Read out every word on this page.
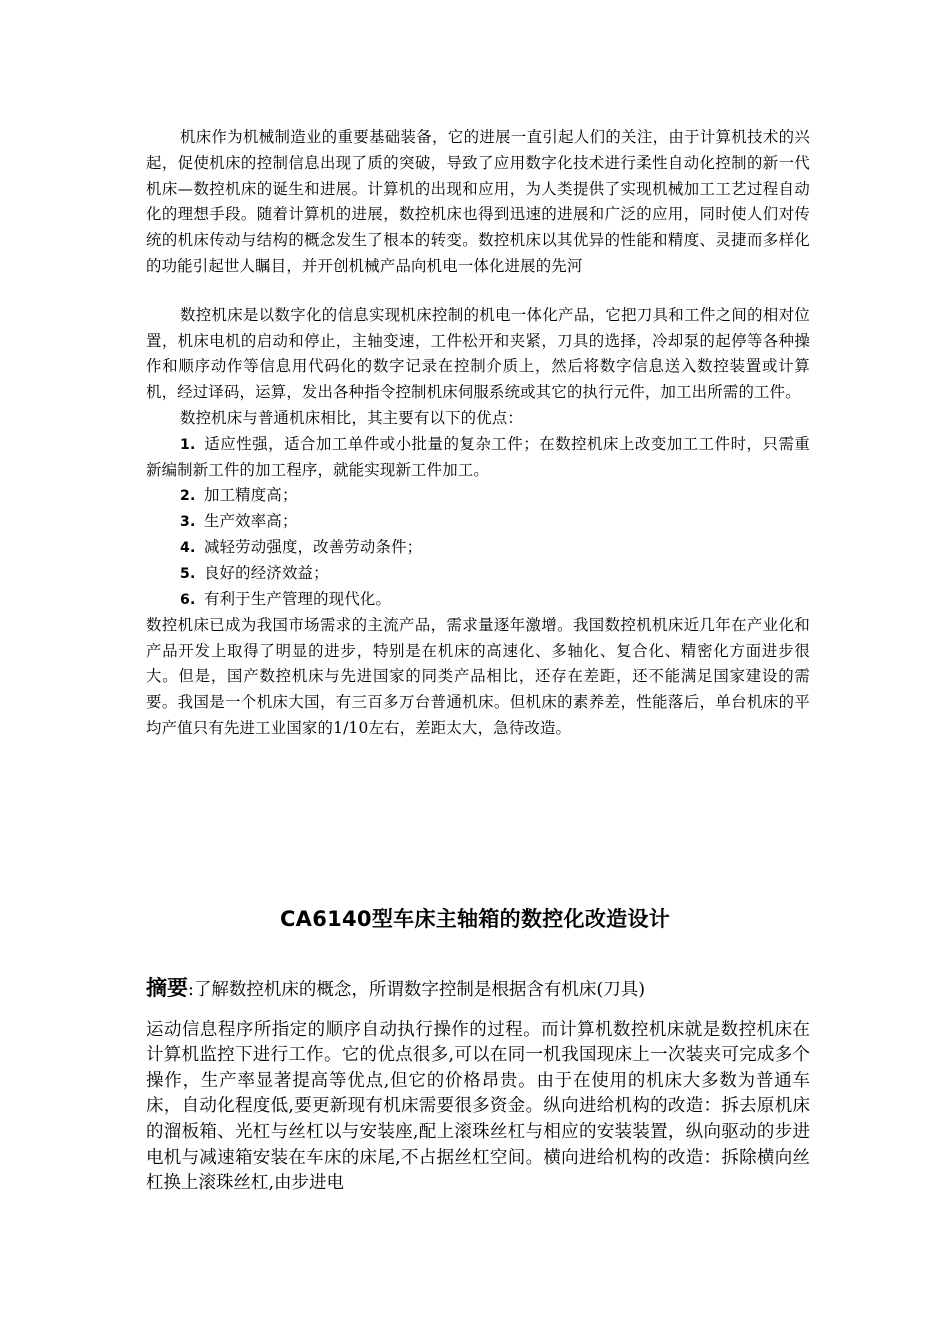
机床作为机械制造业的重要基础装备，它的进展一直引起人们的关注，由于计算机技术的兴起，促使机床的控制信息出现了质的突破，导致了应用数字化技术进行柔性自动化控制的新一代机床—数控机床的诞生和进展。计算机的出现和应用，为人类提供了实现机械加工工艺过程自动化的理想手段。随着计算机的进展，数控机床也得到迅速的进展和广泛的应用，同时使人们对传统的机床传动与结构的概念发生了根本的转变。数控机床以其优异的性能和精度、灵捷而多样化的功能引起世人瞩目，并开创机械产品向机电一体化进展的先河

数控机床是以数字化的信息实现机床控制的机电一体化产品，它把刀具和工件之间的相对位置，机床电机的启动和停止，主轴变速，工件松开和夹紧，刀具的选择，冷却泵的起停等各种操作和顺序动作等信息用代码化的数字记录在控制介质上，然后将数字信息送入数控装置或计算机，经过译码，运算，发出各种指令控制机床伺服系统或其它的执行元件，加工出所需的工件。

数控机床与普通机床相比，其主要有以下的优点：

1. 适应性强，适合加工单件或小批量的复杂工件；在数控机床上改变加工工件时，只需重新编制新工件的加工程序，就能实现新工件加工。

2. 加工精度高；

3. 生产效率高；

4. 减轻劳动强度，改善劳动条件；

5. 良好的经济效益；

6. 有利于生产管理的现代化。

数控机床已成为我国市场需求的主流产品，需求量逐年激增。我国数控机机床近几年在产业化和产品开发上取得了明显的进步，特别是在机床的高速化、多轴化、复合化、精密化方面进步很大。但是，国产数控机床与先进国家的同类产品相比，还存在差距，还不能满足国家建设的需要。我国是一个机床大国，有三百多万台普通机床。但机床的素养差，性能落后，单台机床的平均产值只有先进工业国家的1/10左右，差距太大，急待改造。

CA6140型车床主轴箱的数控化改造设计

摘要:了解数控机床的概念，所谓数字控制是根据含有机床(刀具)

运动信息程序所指定的顺序自动执行操作的过程。而计算机数控机床就是数控机床在计算机监控下进行工作。它的优点很多,可以在同一机我国现床上一次装夹可完成多个操作，生产率显著提高等优点,但它的价格昂贵。由于在使用的机床大多数为普通车床，自动化程度低,要更新现有机床需要很多资金。纵向进给机构的改造：拆去原机床的溜板箱、光杠与丝杠以与安装座,配上滚珠丝杠与相应的安装装置，纵向驱动的步进电机与减速箱安装在车床的床尾,不占据丝杠空间。横向进给机构的改造：拆除横向丝杠换上滚珠丝杠,由步进电
